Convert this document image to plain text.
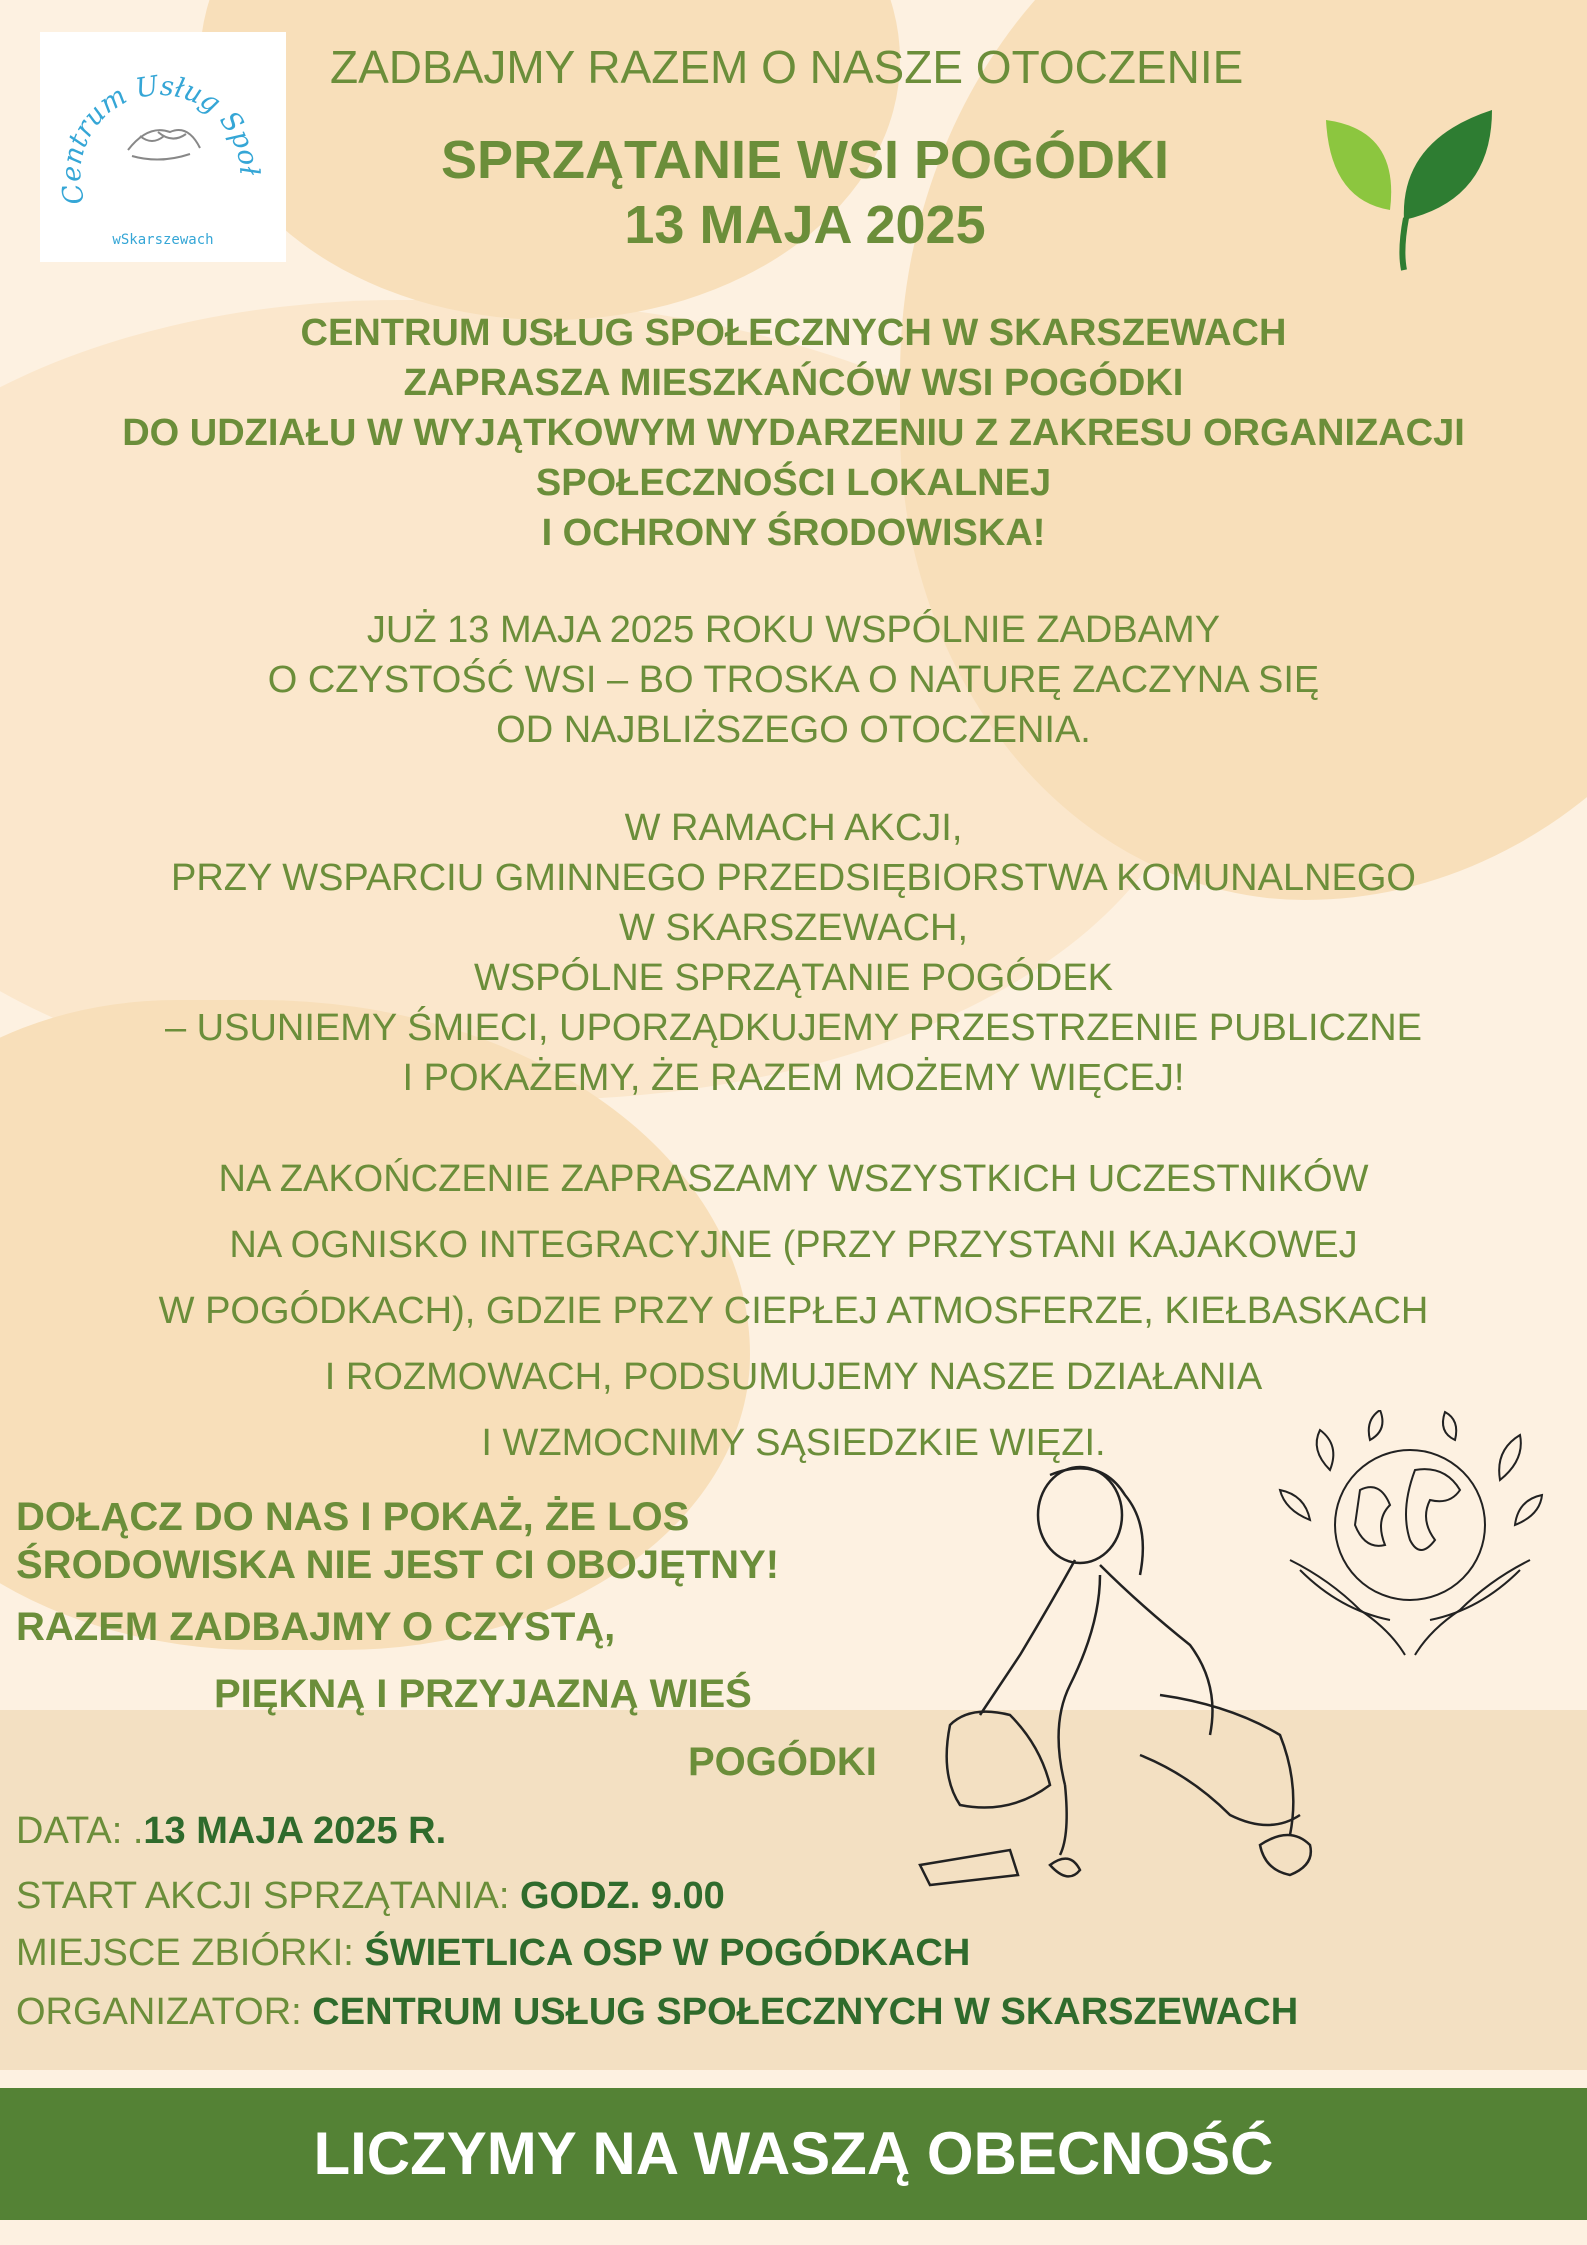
Centrum Usług Społ
wSkarszewach
ZADBAJMY RAZEM O NASZE OTOCZENIE
SPRZĄTANIE WSI POGÓDKI
13 MAJA 2025
CENTRUM USŁUG SPOŁECZNYCH W SKARSZEWACH
ZAPRASZA MIESZKAŃCÓW WSI POGÓDKI
DO UDZIAŁU W WYJĄTKOWYM WYDARZENIU Z ZAKRESU ORGANIZACJI
SPOŁECZNOŚCI LOKALNEJ
I OCHRONY ŚRODOWISKA!
JUŻ 13 MAJA 2025 ROKU WSPÓLNIE ZADBAMY
O CZYSTOŚĆ WSI – BO TROSKA O NATURĘ ZACZYNA SIĘ
OD NAJBLIŻSZEGO OTOCZENIA.
W RAMACH AKCJI,
PRZY WSPARCIU GMINNEGO PRZEDSIĘBIORSTWA KOMUNALNEGO
W SKARSZEWACH,
WSPÓLNE SPRZĄTANIE POGÓDEK
– USUNIEMY ŚMIECI, UPORZĄDKUJEMY PRZESTRZENIE PUBLICZNE
I POKAŻEMY, ŻE RAZEM MOŻEMY WIĘCEJ!
NA ZAKOŃCZENIE ZAPRASZAMY WSZYSTKICH UCZESTNIKÓW
NA OGNISKO INTEGRACYJNE (PRZY PRZYSTANI KAJAKOWEJ
W POGÓDKACH), GDZIE PRZY CIEPŁEJ ATMOSFERZE, KIEŁBASKACH
I ROZMOWACH, PODSUMUJEMY NASZE DZIAŁANIA
I WZMOCNIMY SĄSIEDZKIE WIĘZI.
DOŁĄCZ DO NAS I POKAŻ, ŻE LOS
ŚRODOWISKA NIE JEST CI OBOJĘTNY!
RAZEM ZADBAJMY O CZYSTĄ,
PIĘKNĄ I PRZYJAZNĄ WIEŚ
POGÓDKI
DATA: .13 MAJA 2025 R.
START AKCJI SPRZĄTANIA: GODZ. 9.00
MIEJSCE ZBIÓRKI: ŚWIETLICA OSP W POGÓDKACH
ORGANIZATOR: CENTRUM USŁUG SPOŁECZNYCH W SKARSZEWACH
LICZYMY NA WASZĄ OBECNOŚĆ
